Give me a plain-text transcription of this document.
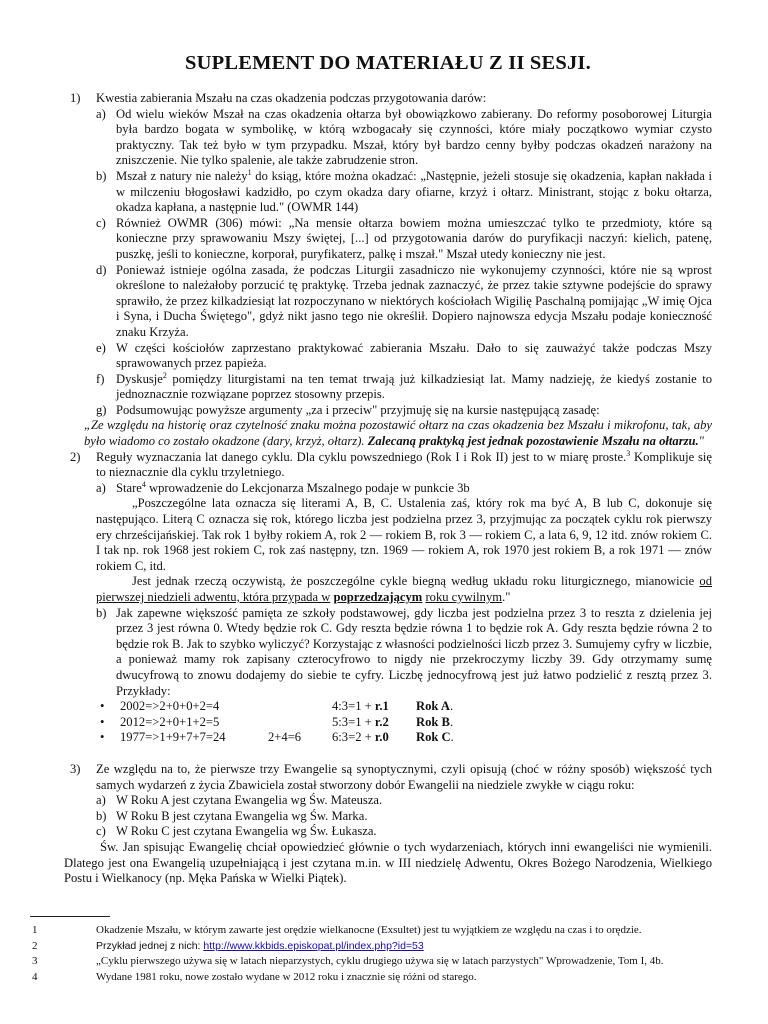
SUPLEMENT DO MATERIAŁU Z II SESJI.
1)	Kwestia zabierania Mszału na czas okadzenia podczas przygotowania darów:
a) Od wielu wieków Mszał na czas okadzenia ołtarza był obowiązkowo zabierany. Do reformy posoborowej Liturgia była bardzo bogata w symbolikę, w którą wzbogacały się czynności, które miały początkowo wymiar czysto praktyczny. Tak też było w tym przypadku. Mszał, który był bardzo cenny byłby podczas okadzeń narażony na zniszczenie. Nie tylko spalenie, ale także zabrudzenie stron.
b) Mszał z natury nie należy$^1$ do ksiąg, które można okadzać: „Następnie, jeżeli stosuje się okadzenia, kapłan nakłada i w milczeniu błogosławi kadzidło, po czym okadza dary ofiarne, krzyż i ołtarz. Ministrant, stojąc z boku ołtarza, okadza kapłana, a następnie lud." (OWMR 144)
c) Również OWMR (306) mówi: „Na mensie ołtarza bowiem można umieszczać tylko te przedmioty, które są konieczne przy sprawowaniu Mszy świętej, [...] od przygotowania darów do puryfikacji naczyń: kielich, patenę, puszkę, jeśli to konieczne, korporał, puryfikaterz, palkę i mszał." Mszał utedy konieczny nie jest.
d) Ponieważ istnieje ogólna zasada, że podczas Liturgii zasadniczo nie wykonujemy czynności, które nie są wprost określone to należałoby porzucić tę praktykę. Trzeba jednak zaznaczyć, że przez takie sztywne podejście do sprawy sprawiło, że przez kilkadziesiąt lat rozpoczynano w niektórych kościołach Wigilię Paschalną pomijając „W imię Ojca i Syna, i Ducha Świętego", gdyż nikt jasno tego nie określił. Dopiero najnowsza edycja Mszału podaje konieczność znaku Krzyża.
e) W części kościołów zaprzestano praktykować zabierania Mszału. Dało to się zauważyć także podczas Mszy sprawowanych przez papieża.
f) Dyskusje$^2$ pomiędzy liturgistami na ten temat trwają już kilkadziesiąt lat. Mamy nadzieję, że kiedyś zostanie to jednoznacznie rozwiązane poprzez stosowny przepis.
g) Podsumowując powyższe argumenty „za i przeciw" przyjmuję się na kursie następującą zasadę:
„Ze względu na historię oraz czytelność znaku można pozostawić ołtarz na czas okadzenia bez Mszału i mikrofonu, tak, aby było wiadomo co zostało okadzone (dary, krzyż, ołtarz). Zalecaną praktyką jest jednak pozostawienie Mszału na ołtarzu."
2)	Reguły wyznaczania lat danego cyklu. Dla cyklu powszedniego (Rok I i Rok II) jest to w miarę proste.$^3$ Komplikuje się to nieznacznie dla cyklu trzyletniego.
a) Stare$^4$ wprowadzenie do Lekcjonarza Mszalnego podaje w punkcie 3b
„Poszczególne lata oznacza się literami A, B, C. Ustalenia zaś, który rok ma być A, B lub C, dokonuje się następująco. Literą C oznacza się rok, którego liczba jest podzielna przez 3, przyjmując za początek cyklu rok pierwszy ery chrześcijańskiej. Tak rok 1 byłby rokiem A, rok 2 — rokiem B, rok 3 — rokiem C, a lata 6, 9, 12 itd. znów rokiem C. I tak np. rok 1968 jest rokiem C, rok zaś następny, tzn. 1969 — rokiem A, rok 1970 jest rokiem B, a rok 1971 — znów rokiem C, itd.
Jest jednak rzeczą oczywistą, że poszczególne cykle biegną według układu roku liturgicznego, mianowicie od pierwszej niedzieli adwentu, która przypada w poprzedzającym roku cywilnym."
b) Jak zapewne większość pamięta ze szkoły podstawowej, gdy liczba jest podzielna przez 3 to reszta z dzielenia jej przez 3 jest równa 0. Wtedy będzie rok C. Gdy reszta będzie równa 1 to będzie rok A. Gdy reszta będzie równa 2 to będzie rok B. Jak to szybko wyliczyć? Korzystając z własności podzielności liczb przez 3. Sumujemy cyfry w liczbie, a ponieważ mamy rok zapisany czterocyfrowo to nigdy nie przekroczymy liczby 39. Gdy otrzymamy sumę dwucyfrową to znowu dodajemy do siebie te cyfry. Liczbę jednocyfrową jest już łatwo podzielić z resztą przez 3. Przykłady:
•	2002=>2+0+0+2=4	4:3=1 + r.1	Rok A.
•	2012=>2+0+1+2=5	5:3=1 + r.2	Rok B.
•	1977=>1+9+7+7=24	2+4=6	6:3=2 + r.0	Rok C.
3)	Ze względu na to, że pierwsze trzy Ewangelie są synoptycznymi, czyli opisują (choć w różny sposób) większość tych samych wydarzeń z życia Zbawiciela został stworzony dobór Ewangelii na niedziele zwykłe w ciągu roku:
a) W Roku A jest czytana Ewangelia wg Św. Mateusza.
b) W Roku B jest czytana Ewangelia wg Św. Marka.
c) W Roku C jest czytana Ewangelia wg Św. Łukasza.
Św. Jan spisując Ewangelię chciał opowiedzieć głównie o tych wydarzeniach, których inni ewangeliści nie wymienili. Dlatego jest ona Ewangelią uzupełniającą i jest czytana m.in. w III niedzielę Adwentu, Okres Bożego Narodzenia, Wielkiego Postu i Wielkanocy (np. Męka Pańska w Wielki Piątek).
1	Okadzenie Mszału, w którym zawarte jest orędzie wielkanocne (Exsultet) jest tu wyjątkiem ze względu na czas i to orędzie.
2	Przykład jednej z nich: http://www.kkbids.episkopat.pl/index.php?id=53
3	„Cyklu pierwszego używa się w latach nieparzystych, cyklu drugiego używa się w latach parzystych" Wprowadzenie, Tom I, 4b.
4	Wydane 1981 roku, nowe zostało wydane w 2012 roku i znacznie się różni od starego.
